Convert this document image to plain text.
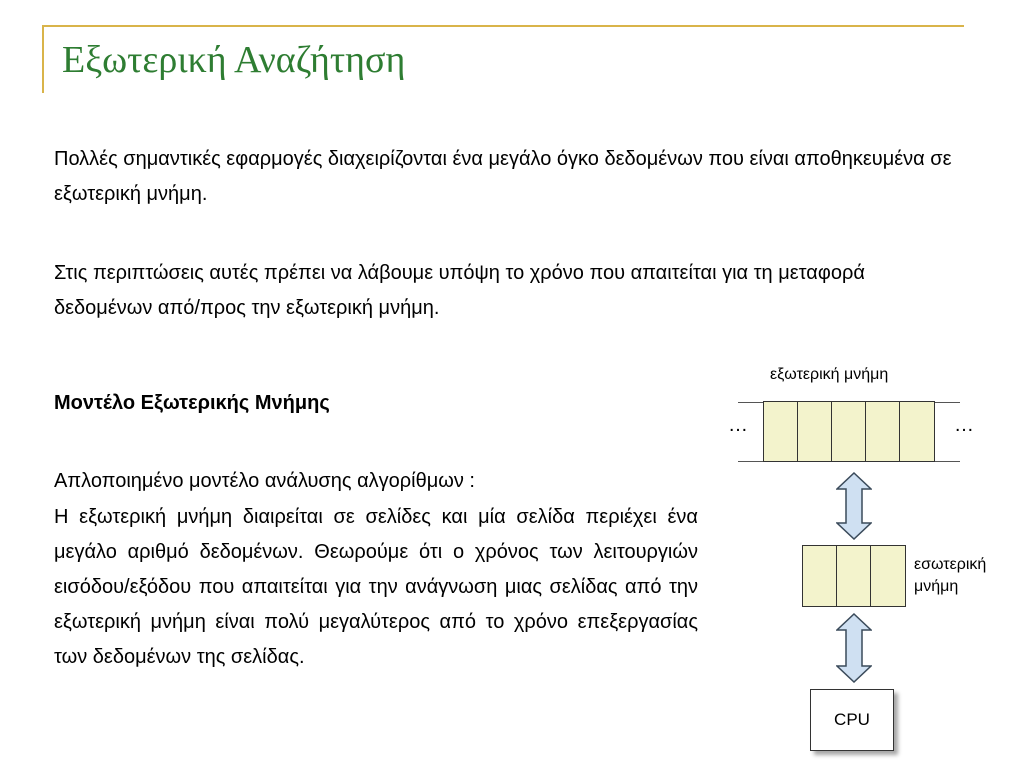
Εξωτερική Αναζήτηση

Πολλές σημαντικές εφαρμογές διαχειρίζονται ένα μεγάλο όγκο δεδομένων που είναι αποθηκευμένα σε εξωτερική μνήμη.

Στις περιπτώσεις αυτές πρέπει να λάβουμε υπόψη το χρόνο που απαιτείται για τη μεταφορά δεδομένων από/προς την εξωτερική μνήμη.

Μοντέλο Εξωτερικής Μνήμης

Απλοποιημένο μοντέλο ανάλυσης αλγορίθμων :

Η εξωτερική μνήμη διαιρείται σε σελίδες και μία σελίδα περιέχει ένα μεγάλο αριθμό δεδομένων. Θεωρούμε ότι ο χρόνος των λειτουργιών εισόδου/εξόδου που απαιτείται για την ανάγνωση μιας σελίδας από την εξωτερική μνήμη είναι πολύ μεγαλύτερος από το χρόνο επεξεργασίας των δεδομένων της σελίδας.

εξωτερική μνήμη
…	…
εσωτερική
μνήμη
CPU
